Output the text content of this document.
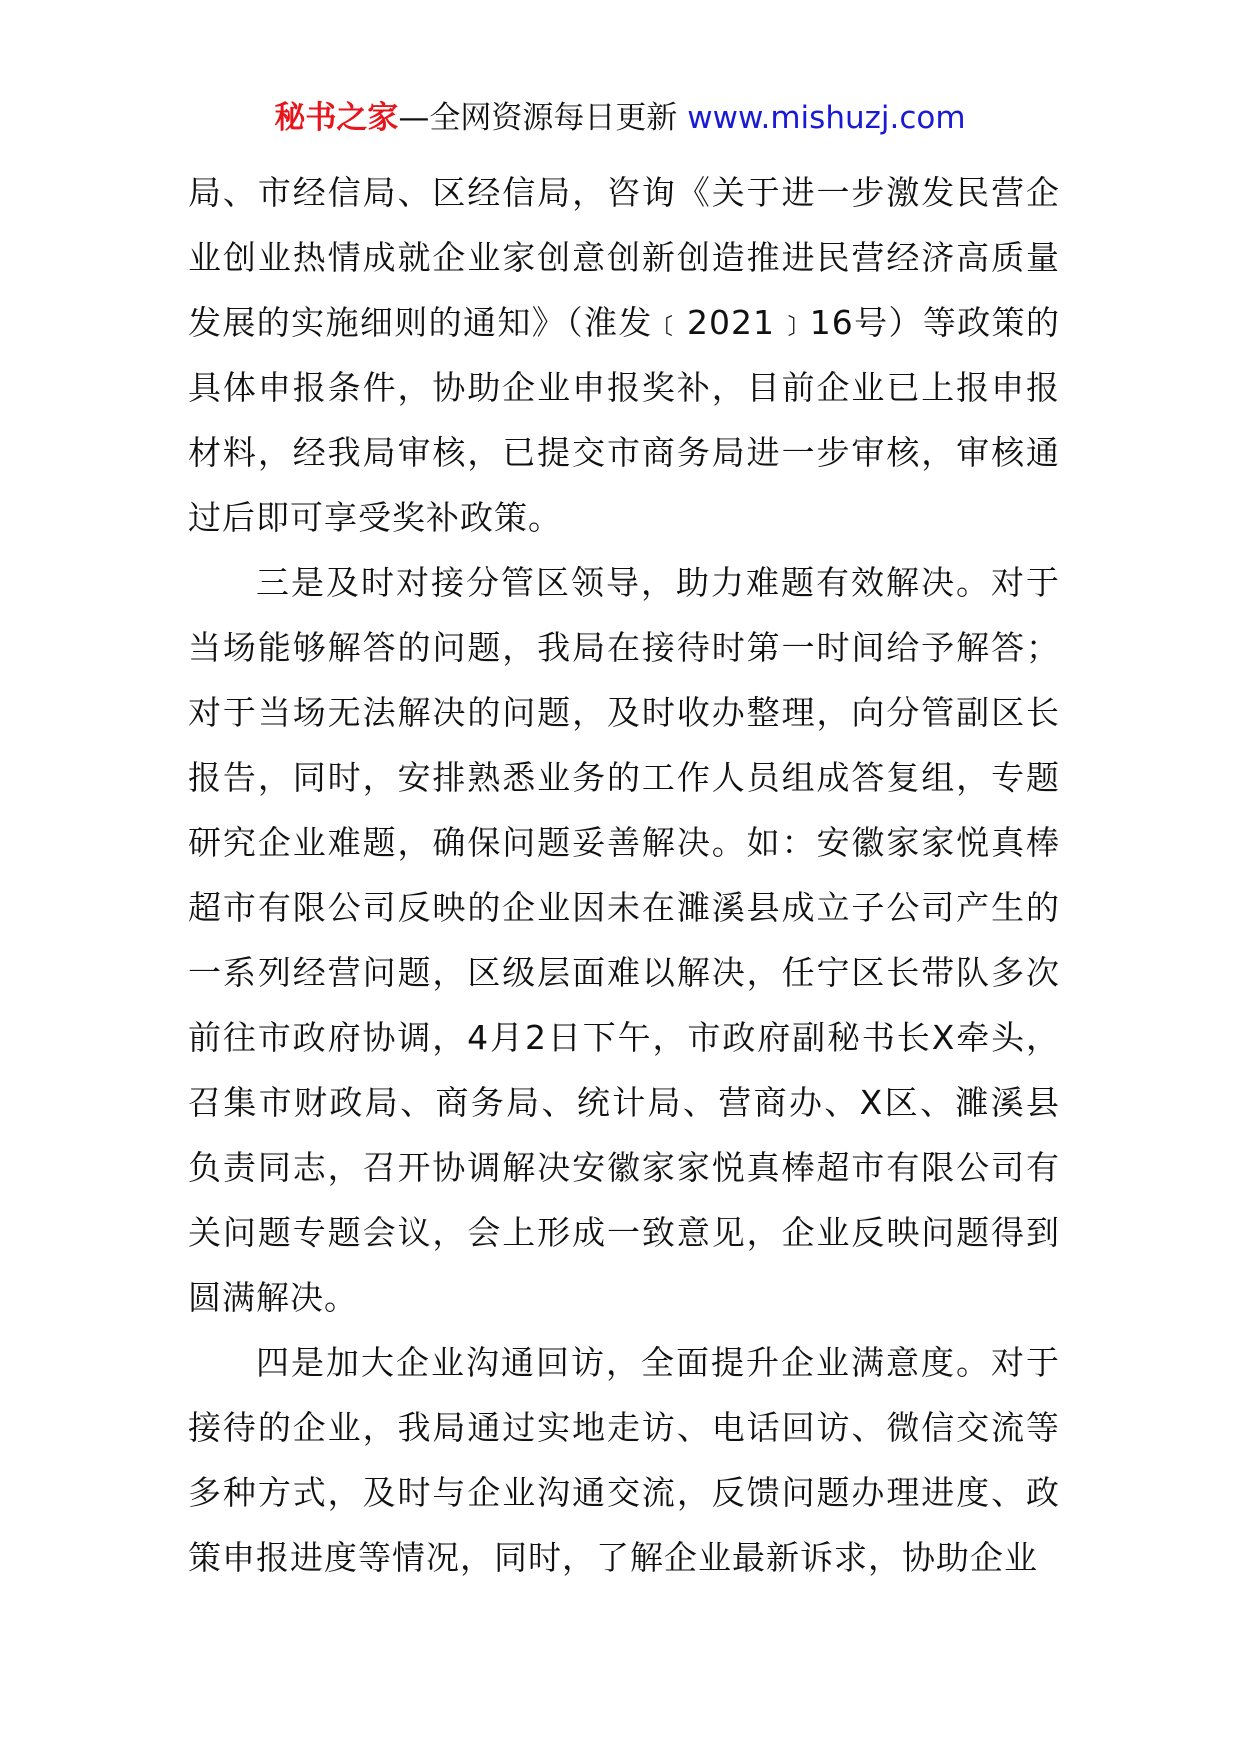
秘书之家—全网资源每日更新 www.mishuzj.com

局、市经信局、区经信局，咨询《关于进一步激发民营企业创业热情成就企业家创意创新创造推进民营经济高质量发展的实施细则的通知》（淮发﹝2021﹞16号）等政策的具体申报条件，协助企业申报奖补，目前企业已上报申报材料，经我局审核，已提交市商务局进一步审核，审核通过后即可享受奖补政策。

三是及时对接分管区领导，助力难题有效解决。对于当场能够解答的问题，我局在接待时第一时间给予解答；对于当场无法解决的问题，及时收办整理，向分管副区长报告，同时，安排熟悉业务的工作人员组成答复组，专题研究企业难题，确保问题妥善解决。如：安徽家家悦真棒超市有限公司反映的企业因未在濉溪县成立子公司产生的一系列经营问题，区级层面难以解决，任宁区长带队多次前往市政府协调，4月2日下午，市政府副秘书长X牵头，召集市财政局、商务局、统计局、营商办、X区、濉溪县负责同志，召开协调解决安徽家家悦真棒超市有限公司有关问题专题会议，会上形成一致意见，企业反映问题得到圆满解决。

四是加大企业沟通回访，全面提升企业满意度。对于接待的企业，我局通过实地走访、电话回访、微信交流等多种方式，及时与企业沟通交流，反馈问题办理进度、政策申报进度等情况，同时，了解企业最新诉求，协助企业
